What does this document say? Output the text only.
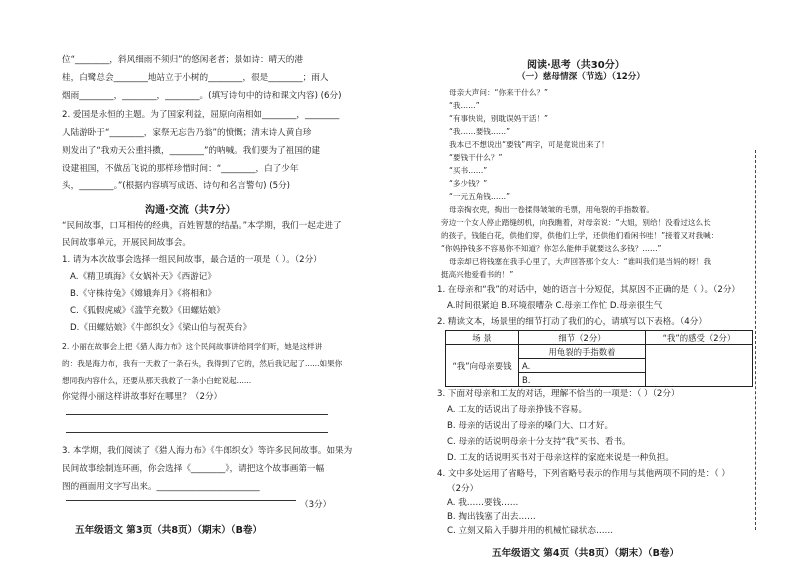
位“________，斜风细雨不须归”的悠闲老者；景如诗：晴天的港
桂，白鹭总会________地站立于小树的________，很是________；雨人
烟雨________，________，________。(填写诗句中的诗和课文内容) (6分)
2. 爱国是永恒的主题。为了国家利益，屈原向南相如________，________
人陆游卧于“________，家祭无忘告乃翁”的愤慨；清末诗人黄自珍
则发出了“我劝天公重抖擞，________”的呐喊。我们要为了祖国的建
设建祖国，不做岳飞说的那样珍惜时间：“________，白了少年
头，________。”(根据内容填写成语、诗句和名言警句) (5分)
沟通·交流（共7分）
“民间故事，口耳相传的经典，百姓智慧的结晶。”本学期，我们一起走进了
民间故事单元，开展民间故事会。
1. 请为本次故事会选择一组民间故事，最合适的一项是（ ）。（2分）
A.《精卫填海》《女娲补天》《西游记》
B.《守株待兔》《嫦娥奔月》《将相和》
C.《狐假虎威》《滥竽充数》《田螺姑娘》
D.《田螺姑娘》《牛郎织女》《梁山伯与祝英台》
2. 小丽在故事会上把《猎人海力布》这个民间故事讲给同学们听，她是这样讲
的：我是海力布，我有一天救了一条石头，我得到了它的，然后我记起了......如果你
想同我内容什么，还要从那天我救了一条小白蛇说起......
你觉得小丽这样讲故事好在哪里？（2分）
3. 本学期，我们阅读了《猎人海力布》《牛郎织女》等许多民间故事。如果为
民间故事绘制连环画，你会选择《________》，请把这个故事画第一幅
图的画面用文字写出来。________________________
（3分）
五年级语文 第3页（共8页）（期末）（B卷）
阅读·思考（共30分）
（一）慈母情深（节选）（12分）
母亲大声问：“你来干什么？”
“我……”
“有事快说，别耽误妈干活！”
“我……要钱……”
我本已不想说出“要钱”两字，可是竟说出来了！
“要钱干什么？”
“买书……”
“多少钱？”
“一元五角钱……”
母亲掏衣兜，掏出一卷揉得皱皱的毛票，用龟裂的手指数着。
旁边一个女人停止踏缝纫机，向我瞧着，对母亲说：“大姐，别给！没看过这么长
的孩子，钱能白花，供他们穿，供他们上学，还供他们看闲书哇！”接着又对我喊：
“你妈挣钱多不容易你不知道？你怎么能伸手就要这么多钱？……”
母亲却已将钱塞在我手心里了，大声回答那个女人：“谁叫我们是当妈的呀！我
挺高兴他爱看书的！”
1. 在母亲和“我”的对话中，她的语言十分短促，其原因不正确的是（ ）。（2分）
A.时间很紧迫 B.环境很嘈杂 C.母亲工作忙 D.母亲很生气
2. 精读文本，场景里的细节打动了我们的心，请填写以下表格。（4分）
场 景	细节（2分）	“我”的感受（2分）
“我”向母亲要钱	用龟裂的手指数着	
	A.	
	B.	
3. 下面对母亲和工友的对话，理解不恰当的一项是：（ ）（2分）
A. 工友的话说出了母亲挣钱不容易。
B. 母亲的话说出了母亲的嗓门大、口才好。
C. 母亲的话说明母亲十分支持“我”买书、看书。
D. 工友的话说明买书对于母亲这样的家庭来说是一种负担。
4. 文中多处运用了省略号，下列省略号表示的作用与其他两项不同的是：（ ）
（2分）
A. 我……要钱……
B. 掏出钱塞了出去……
C. 立刻又陷入手脚并用的机械忙碌状态……
五年级语文 第4页（共8页）（期末）（B卷）
